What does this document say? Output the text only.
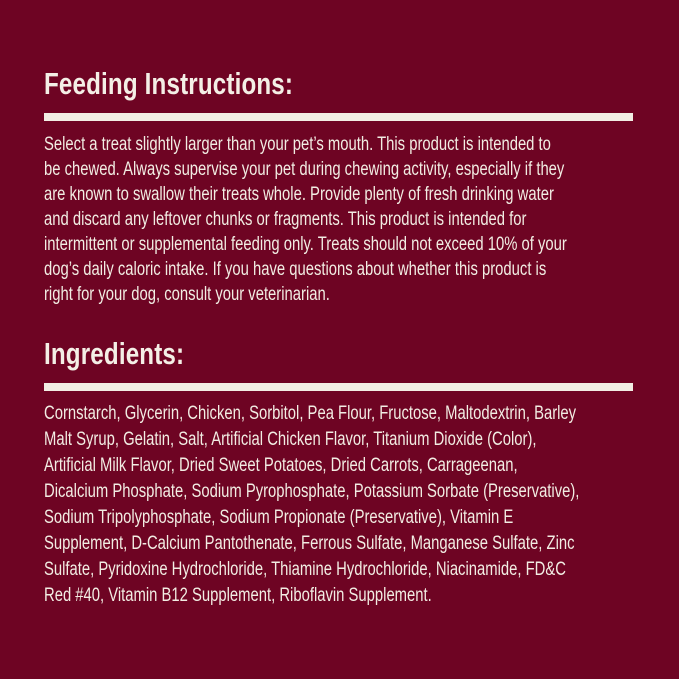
Feeding Instructions:
Select a treat slightly larger than your pet’s mouth. This product is intended to
be chewed. Always supervise your pet during chewing activity, especially if they
are known to swallow their treats whole. Provide plenty of fresh drinking water
and discard any leftover chunks or fragments. This product is intended for
intermittent or supplemental feeding only. Treats should not exceed 10% of your
dog’s daily caloric intake. If you have questions about whether this product is
right for your dog, consult your veterinarian.
Ingredients:
Cornstarch, Glycerin, Chicken, Sorbitol, Pea Flour, Fructose, Maltodextrin, Barley
Malt Syrup, Gelatin, Salt, Artificial Chicken Flavor, Titanium Dioxide (Color),
Artificial Milk Flavor, Dried Sweet Potatoes, Dried Carrots, Carrageenan,
Dicalcium Phosphate, Sodium Pyrophosphate, Potassium Sorbate (Preservative),
Sodium Tripolyphosphate, Sodium Propionate (Preservative), Vitamin E
Supplement, D-Calcium Pantothenate, Ferrous Sulfate, Manganese Sulfate, Zinc
Sulfate, Pyridoxine Hydrochloride, Thiamine Hydrochloride, Niacinamide, FD&C
Red #40, Vitamin B12 Supplement, Riboflavin Supplement.
